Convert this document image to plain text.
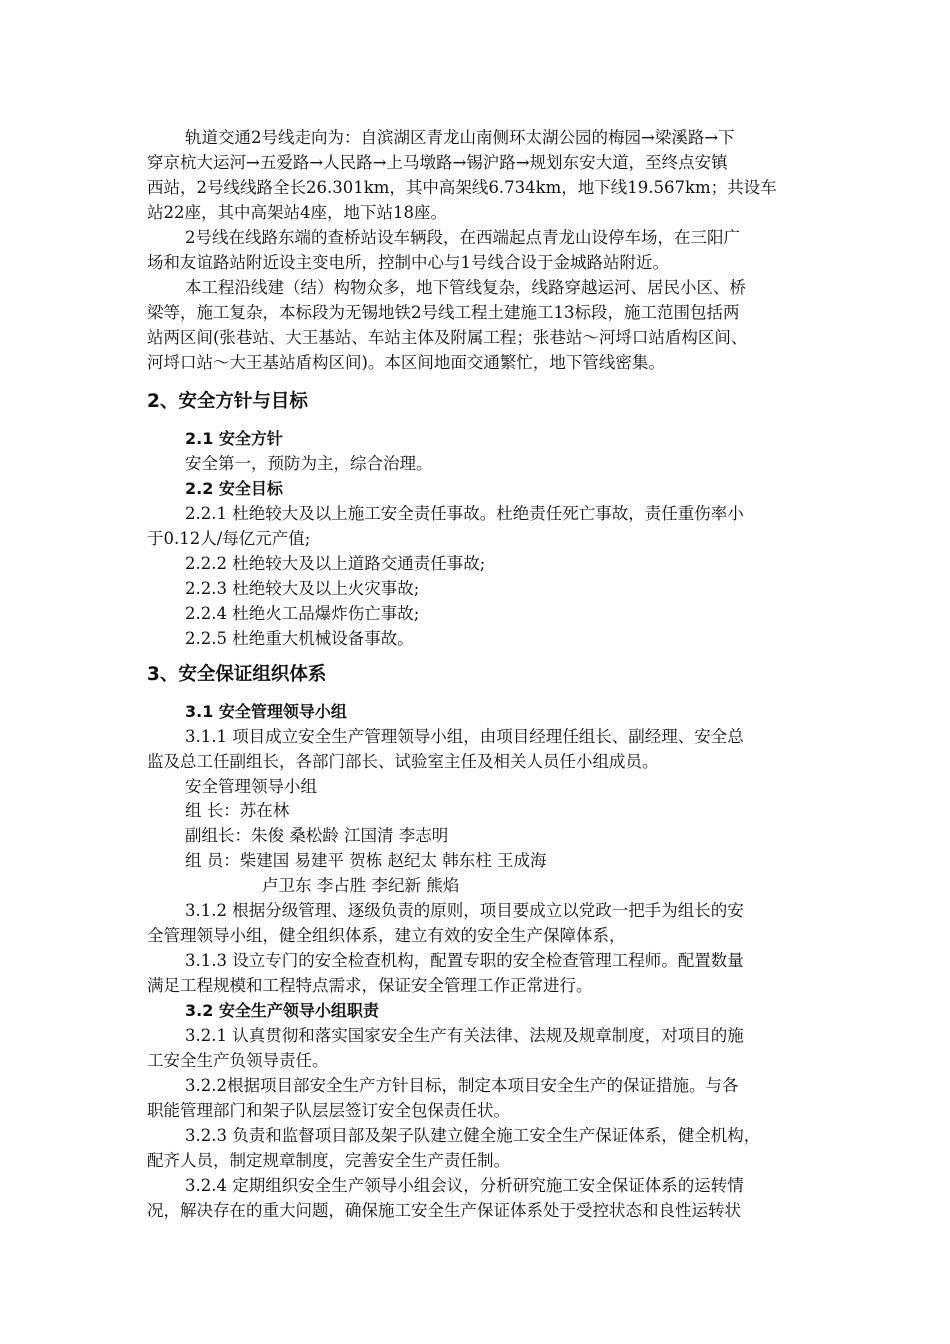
轨道交通2号线走向为：自滨湖区青龙山南侧环太湖公园的梅园→梁溪路→下
穿京杭大运河→五爱路→人民路→上马墩路→锡沪路→规划东安大道，至终点安镇
西站，2号线线路全长26.301km，其中高架线6.734km，地下线19.567km；共设车
站22座，其中高架站4座，地下站18座。
2号线在线路东端的查桥站设车辆段，在西端起点青龙山设停车场，在三阳广
场和友谊路站附近设主变电所，控制中心与1号线合设于金城路站附近。
本工程沿线建（结）构物众多，地下管线复杂，线路穿越运河、居民小区、桥
梁等，施工复杂，本标段为无锡地铁2号线工程土建施工13标段，施工范围包括两
站两区间(张巷站、大王基站、车站主体及附属工程；张巷站～河埒口站盾构区间、
河埒口站～大王基站盾构区间)。本区间地面交通繁忙，地下管线密集。
2、安全方针与目标
2.1 安全方针
安全第一，预防为主，综合治理。
2.2 安全目标
2.2.1 杜绝较大及以上施工安全责任事故。杜绝责任死亡事故，责任重伤率小
于0.12人/每亿元产值;
2.2.2 杜绝较大及以上道路交通责任事故;
2.2.3 杜绝较大及以上火灾事故;
2.2.4 杜绝火工品爆炸伤亡事故;
2.2.5 杜绝重大机械设备事故。
3、安全保证组织体系
3.1 安全管理领导小组
3.1.1 项目成立安全生产管理领导小组，由项目经理任组长、副经理、安全总
监及总工任副组长，各部门部长、试验室主任及相关人员任小组成员。
安全管理领导小组
组 长：苏在林
副组长：朱俊 桑松龄 江国清 李志明
组 员：柴建国 易建平 贺栋 赵纪太 韩东柱 王成海
卢卫东 李占胜 李纪新 熊焰
3.1.2 根据分级管理、逐级负责的原则，项目要成立以党政一把手为组长的安
全管理领导小组，健全组织体系，建立有效的安全生产保障体系，
3.1.3 设立专门的安全检查机构，配置专职的安全检查管理工程师。配置数量
满足工程规模和工程特点需求，保证安全管理工作正常进行。
3.2 安全生产领导小组职责
3.2.1 认真贯彻和落实国家安全生产有关法律、法规及规章制度，对项目的施
工安全生产负领导责任。
3.2.2根据项目部安全生产方针目标，制定本项目安全生产的保证措施。与各
职能管理部门和架子队层层签订安全包保责任状。
3.2.3 负责和监督项目部及架子队建立健全施工安全生产保证体系，健全机构，
配齐人员，制定规章制度，完善安全生产责任制。
3.2.4 定期组织安全生产领导小组会议，分析研究施工安全保证体系的运转情
况，解决存在的重大问题，确保施工安全生产保证体系处于受控状态和良性运转状
